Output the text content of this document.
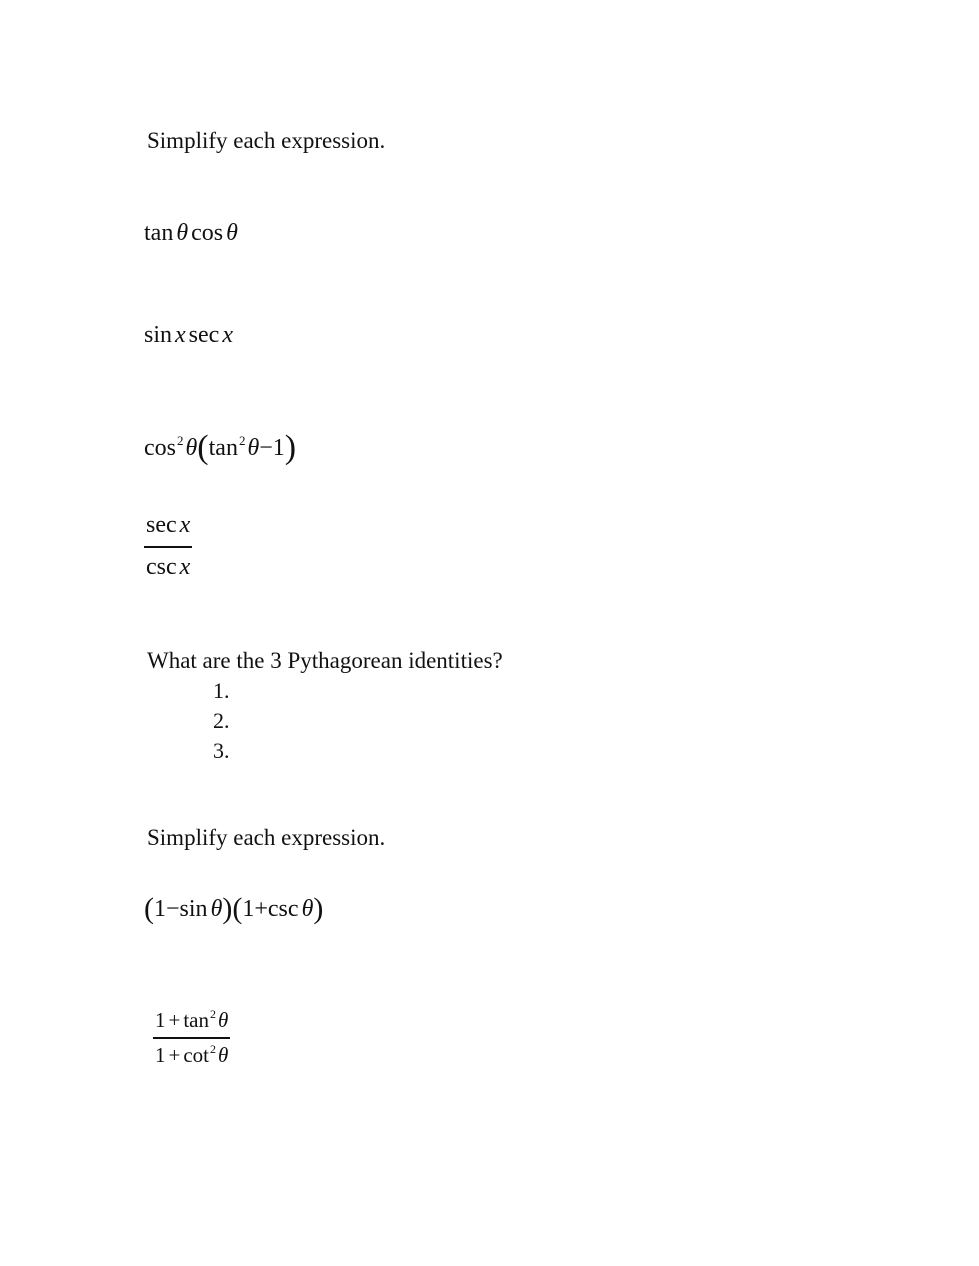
Simplify each expression.
tan θ cos θ
sin x sec x
$\cos^2\theta(\tan^2\theta-1)$
sec x
csc x
What are the 3 Pythagorean identities?
1.
2.
3.
Simplify each expression.
(1−sin θ)(1+csc θ)
$1 + \tan^2\theta$
$1 + \cot^2\theta$
